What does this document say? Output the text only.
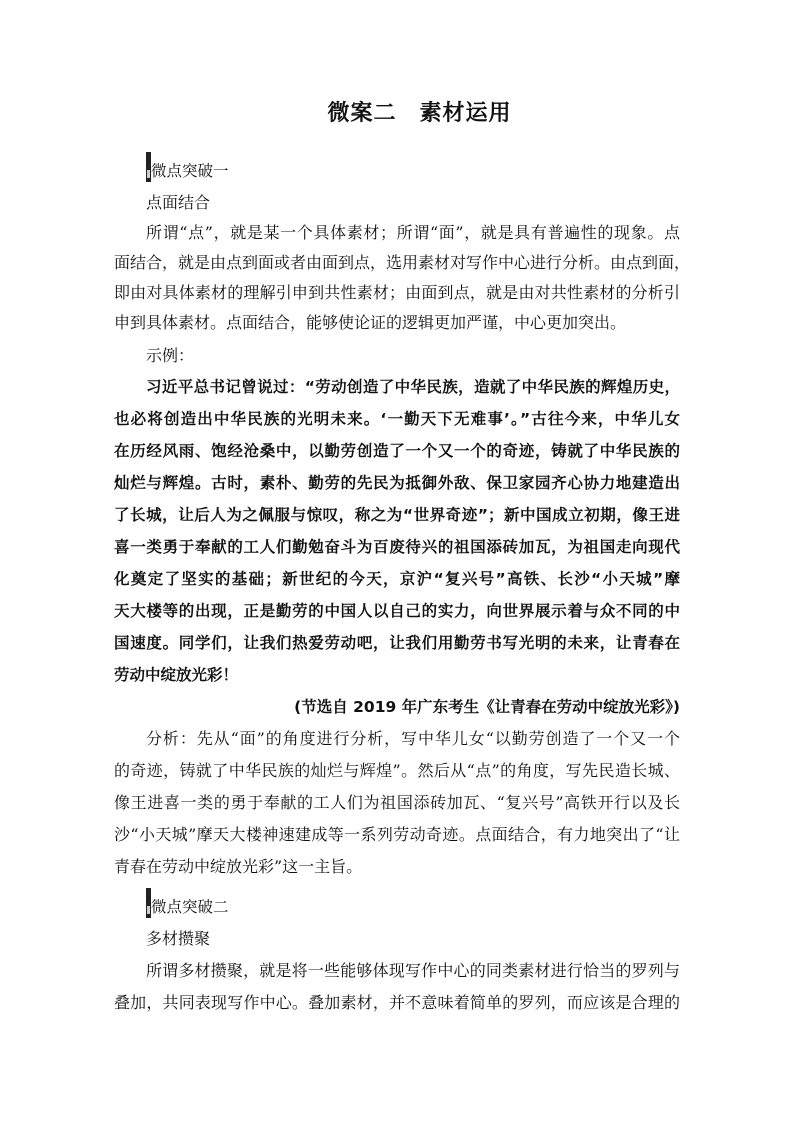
微案二　素材运用
微点突破一
点面结合
所谓“点”，就是某一个具体素材；所谓“面”，就是具有普遍性的现象。点
面结合，就是由点到面或者由面到点，选用素材对写作中心进行分析。由点到面，
即由对具体素材的理解引申到共性素材；由面到点，就是由对共性素材的分析引
申到具体素材。点面结合，能够使论证的逻辑更加严谨，中心更加突出。
示例：
习近平总书记曾说过：“劳动创造了中华民族，造就了中华民族的辉煌历史，
也必将创造出中华民族的光明未来。‘一勤天下无难事’。”古往今来，中华儿女
在历经风雨、饱经沧桑中，以勤劳创造了一个又一个的奇迹，铸就了中华民族的
灿烂与辉煌。古时，素朴、勤劳的先民为抵御外敌、保卫家园齐心协力地建造出
了长城，让后人为之佩服与惊叹，称之为“世界奇迹”；新中国成立初期，像王进
喜一类勇于奉献的工人们勤勉奋斗为百废待兴的祖国添砖加瓦，为祖国走向现代
化奠定了坚实的基础；新世纪的今天，京沪“复兴号”高铁、长沙“小天城”摩
天大楼等的出现，正是勤劳的中国人以自己的实力，向世界展示着与众不同的中
国速度。同学们，让我们热爱劳动吧，让我们用勤劳书写光明的未来，让青春在
劳动中绽放光彩！
(节选自 2019 年广东考生《让青春在劳动中绽放光彩》)
分析：先从“面”的角度进行分析，写中华儿女“以勤劳创造了一个又一个
的奇迹，铸就了中华民族的灿烂与辉煌”。然后从“点”的角度，写先民造长城、
像王进喜一类的勇于奉献的工人们为祖国添砖加瓦、“复兴号”高铁开行以及长
沙“小天城”摩天大楼神速建成等一系列劳动奇迹。点面结合，有力地突出了“让
青春在劳动中绽放光彩”这一主旨。
微点突破二
多材攒聚
所谓多材攒聚，就是将一些能够体现写作中心的同类素材进行恰当的罗列与
叠加，共同表现写作中心。叠加素材，并不意味着简单的罗列，而应该是合理的
